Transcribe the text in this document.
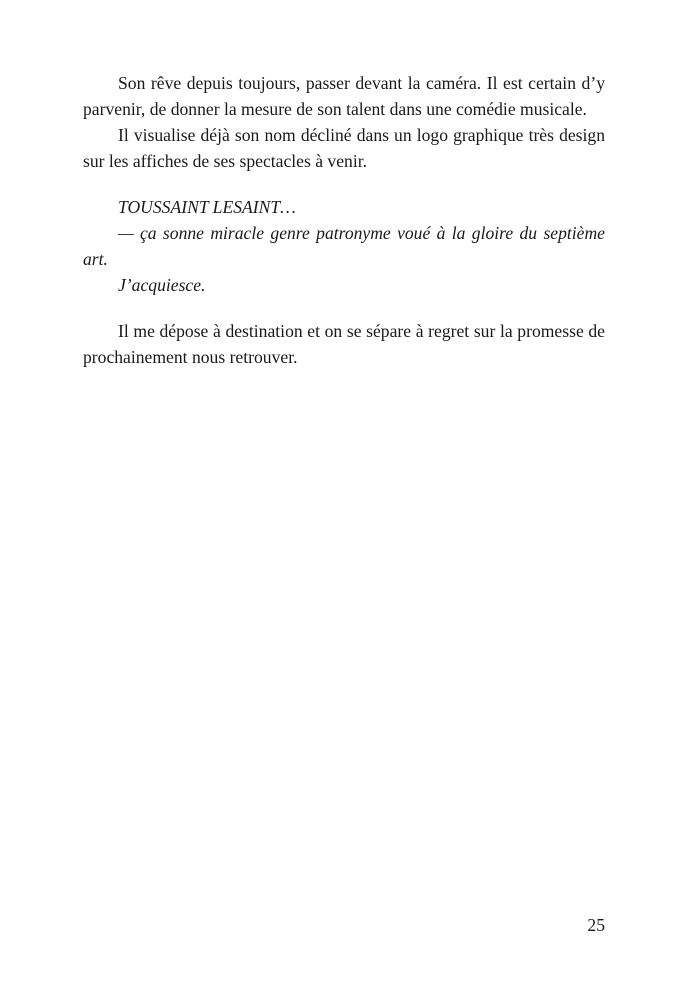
Son rêve depuis toujours, passer devant la caméra. Il est certain d’y parvenir, de donner la mesure de son talent dans une comédie musicale.

Il visualise déjà son nom décliné dans un logo graphique très design sur les affiches de ses spectacles à venir.

TOUSSAINT LESAINT…

— ça sonne miracle genre patronyme voué à la gloire du septième art.

J’acquiesce.

Il me dépose à destination et on se sépare à regret sur la promesse de prochainement nous retrouver.

25
